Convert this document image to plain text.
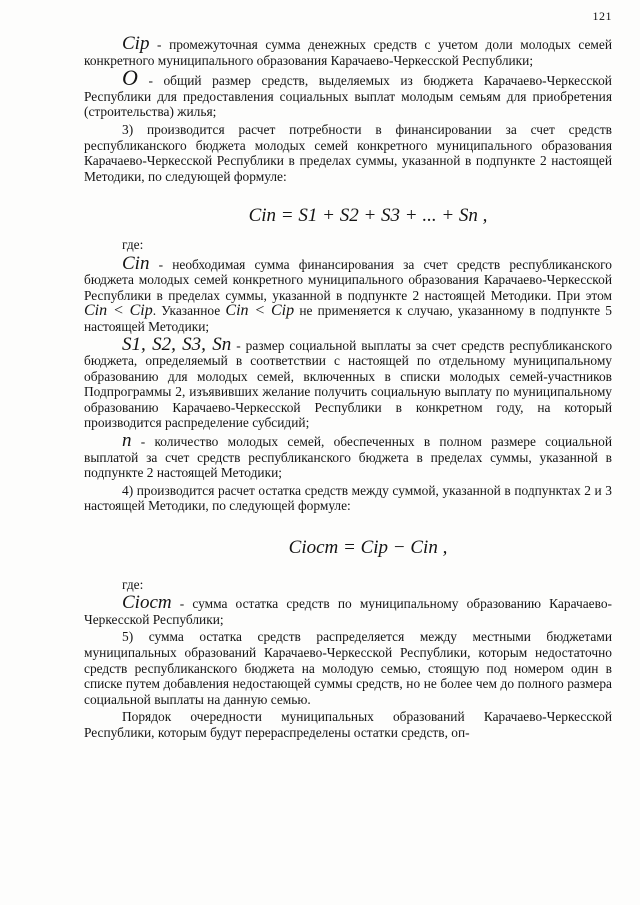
121

Cip - промежуточная сумма денежных средств с учетом доли молодых семей конкретного муниципального образования Карачаево-Черкесской Республики;

O - общий размер средств, выделяемых из бюджета Карачаево-Черкесской Республики для предоставления социальных выплат молодым семьям для приобретения (строительства) жилья;

3) производится расчет потребности в финансировании за счет средств республиканского бюджета молодых семей конкретного муниципального образования Карачаево-Черкесской Республики в пределах суммы, указанной в подпункте 2 настоящей Методики, по следующей формуле:

Cin = S1 + S2 + S3 + ... + Sn ,

где:

Cin - необходимая сумма финансирования за счет средств республиканского бюджета молодых семей конкретного муниципального образования Карачаево-Черкесской Республики в пределах суммы, указанной в подпункте 2 настоящей Методики. При этом Cin < Cip. Указанное Cin < Cip не применяется к случаю, указанному в подпункте 5 настоящей Методики;

S1, S2, S3, Sn - размер социальной выплаты за счет средств республиканского бюджета, определяемый в соответствии с настоящей по отдельному муниципальному образованию для молодых семей, включенных в списки молодых семей-участников Подпрограммы 2, изъявивших желание получить социальную выплату по муниципальному образованию Карачаево-Черкесской Республики в конкретном году, на который производится распределение субсидий;

n - количество молодых семей, обеспеченных в полном размере социальной выплатой за счет средств республиканского бюджета в пределах суммы, указанной в подпункте 2 настоящей Методики;

4) производится расчет остатка средств между суммой, указанной в подпунктах 2 и 3 настоящей Методики, по следующей формуле:

Cioст = Cip − Cin ,

где:

Cioст - сумма остатка средств по муниципальному образованию Карачаево-Черкесской Республики;

5) сумма остатка средств распределяется между местными бюджетами муниципальных образований Карачаево-Черкесской Республики, которым недостаточно средств республиканского бюджета на молодую семью, стоящую под номером один в списке путем добавления недостающей суммы средств, но не более чем до полного размера социальной выплаты на данную семью.

Порядок очередности муниципальных образований Карачаево-Черкесской Республики, которым будут перераспределены остатки средств, оп-
